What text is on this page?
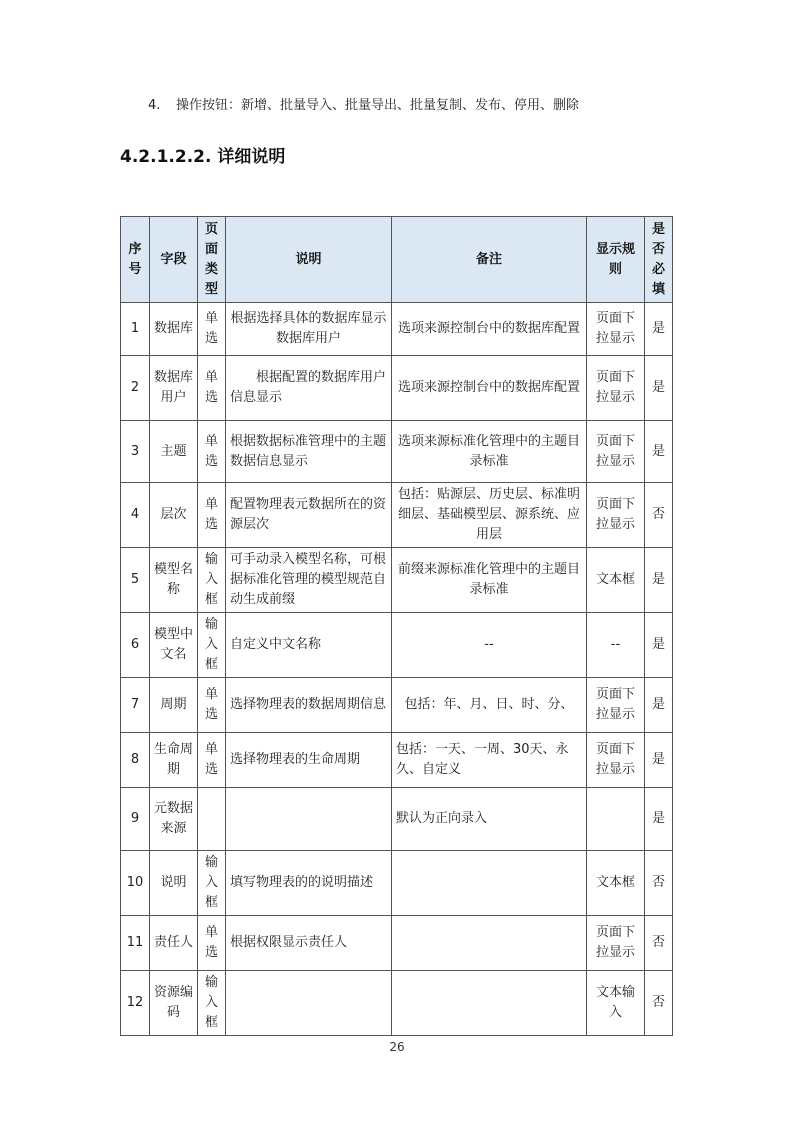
4. 操作按钮：新增、批量导入、批量导出、批量复制、发布、停用、删除
4.2.1.2.2. 详细说明
序号	字段	页面类型	说明	备注	显示规则	是否必填
1	数据库	单选	根据选择具体的数据库显示数据库用户	选项来源控制台中的数据库配置	页面下拉显示	是
2	数据库用户	单选	根据配置的数据库用户信息显示	选项来源控制台中的数据库配置	页面下拉显示	是
3	主题	单选	根据数据标准管理中的主题数据信息显示	选项来源标准化管理中的主题目录标准	页面下拉显示	是
4	层次	单选	配置物理表元数据所在的资源层次	包括：贴源层、历史层、标准明细层、基础模型层、源系统、应用层	页面下拉显示	否
5	模型名称	输入框	可手动录入模型名称，可根据标准化管理的模型规范自动生成前缀	前缀来源标准化管理中的主题目录标准	文本框	是
6	模型中文名	输入框	自定义中文名称	--	--	是
7	周期	单选	选择物理表的数据周期信息	包括：年、月、日、时、分、	页面下拉显示	是
8	生命周期	单选	选择物理表的生命周期	包括：一天、一周、30天、永久、自定义	页面下拉显示	是
9	元数据来源			默认为正向录入		是
10	说明	输入框	填写物理表的的说明描述		文本框	否
11	责任人	单选	根据权限显示责任人		页面下拉显示	否
12	资源编码	输入框			文本输入	否
26
